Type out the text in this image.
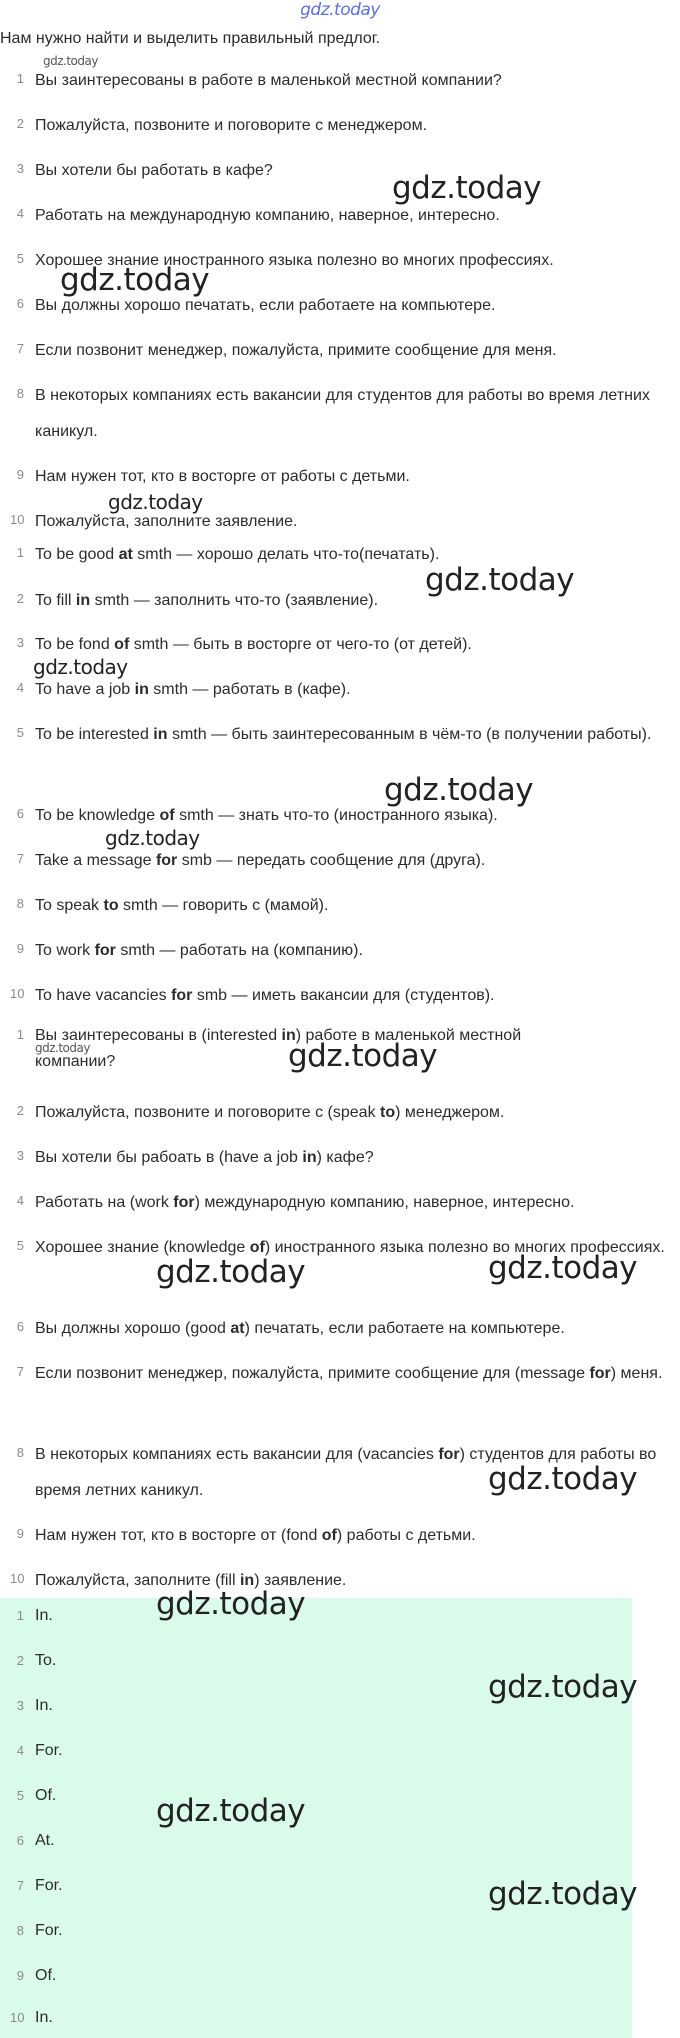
gdz.today
Нам нужно найти и выделить правильный предлог.
1 Вы заинтересованы в работе в маленькой местной компании?
2 Пожалуйста, позвоните и поговорите с менеджером.
3 Вы хотели бы работать в кафе?
4 Работать на международную компанию, наверное, интересно.
5 Хорошее знание иностранного языка полезно во многих профессиях.
6 Вы должны хорошо печатать, если работаете на компьютере.
7 Если позвонит менеджер, пожалуйста, примите сообщение для меня.
8 В некоторых компаниях есть вакансии для студентов для работы во время летних каникул.
9 Нам нужен тот, кто в восторге от работы с детьми.
10 Пожалуйста, заполните заявление.
1 To be good at smth — хорошо делать что-то(печатать).
2 To fill in smth — заполнить что-то (заявление).
3 To be fond of smth — быть в восторге от чего-то (от детей).
4 To have a job in smth — работать в (кафе).
5 To be interested in smth — быть заинтересованным в чём-то (в получении работы).
6 To be knowledge of smth — знать что-то (иностранного языка).
7 Take a message for smb — передать сообщение для (друга).
8 To speak to smth — говорить с (мамой).
9 To work for smth — работать на (компанию).
10 To have vacancies for smb — иметь вакансии для (студентов).
1 Вы заинтересованы в (interested in) работе в маленькой местной компании?
2 Пожалуйста, позвоните и поговорите с (speak to) менеджером.
3 Вы хотели бы рабоать в (have a job in) кафе?
4 Работать на (work for) международную компанию, наверное, интересно.
5 Хорошее знание (knowledge of) иностранного языка полезно во многих профессиях.
6 Вы должны хорошо (good at) печатать, если работаете на компьютере.
7 Если позвонит менеджер, пожалуйста, примите сообщение для (message for) меня.
8 В некоторых компаниях есть вакансии для (vacancies for) студентов для работы во время летних каникул.
9 Нам нужен тот, кто в восторге от (fond of) работы с детьми.
10 Пожалуйста, заполните (fill in) заявление.
1 In.
2 To.
3 In.
4 For.
5 Of.
6 At.
7 For.
8 For.
9 Of.
10 In.
gdz.today
gdz.today
gdz.today
gdz.today
gdz.today
gdz.today
gdz.today
gdz.today
gdz.today	gdz.today
gdz.today	gdz.today
gdz.today
gdz.today
gdz.today
gdz.today
gdz.today
